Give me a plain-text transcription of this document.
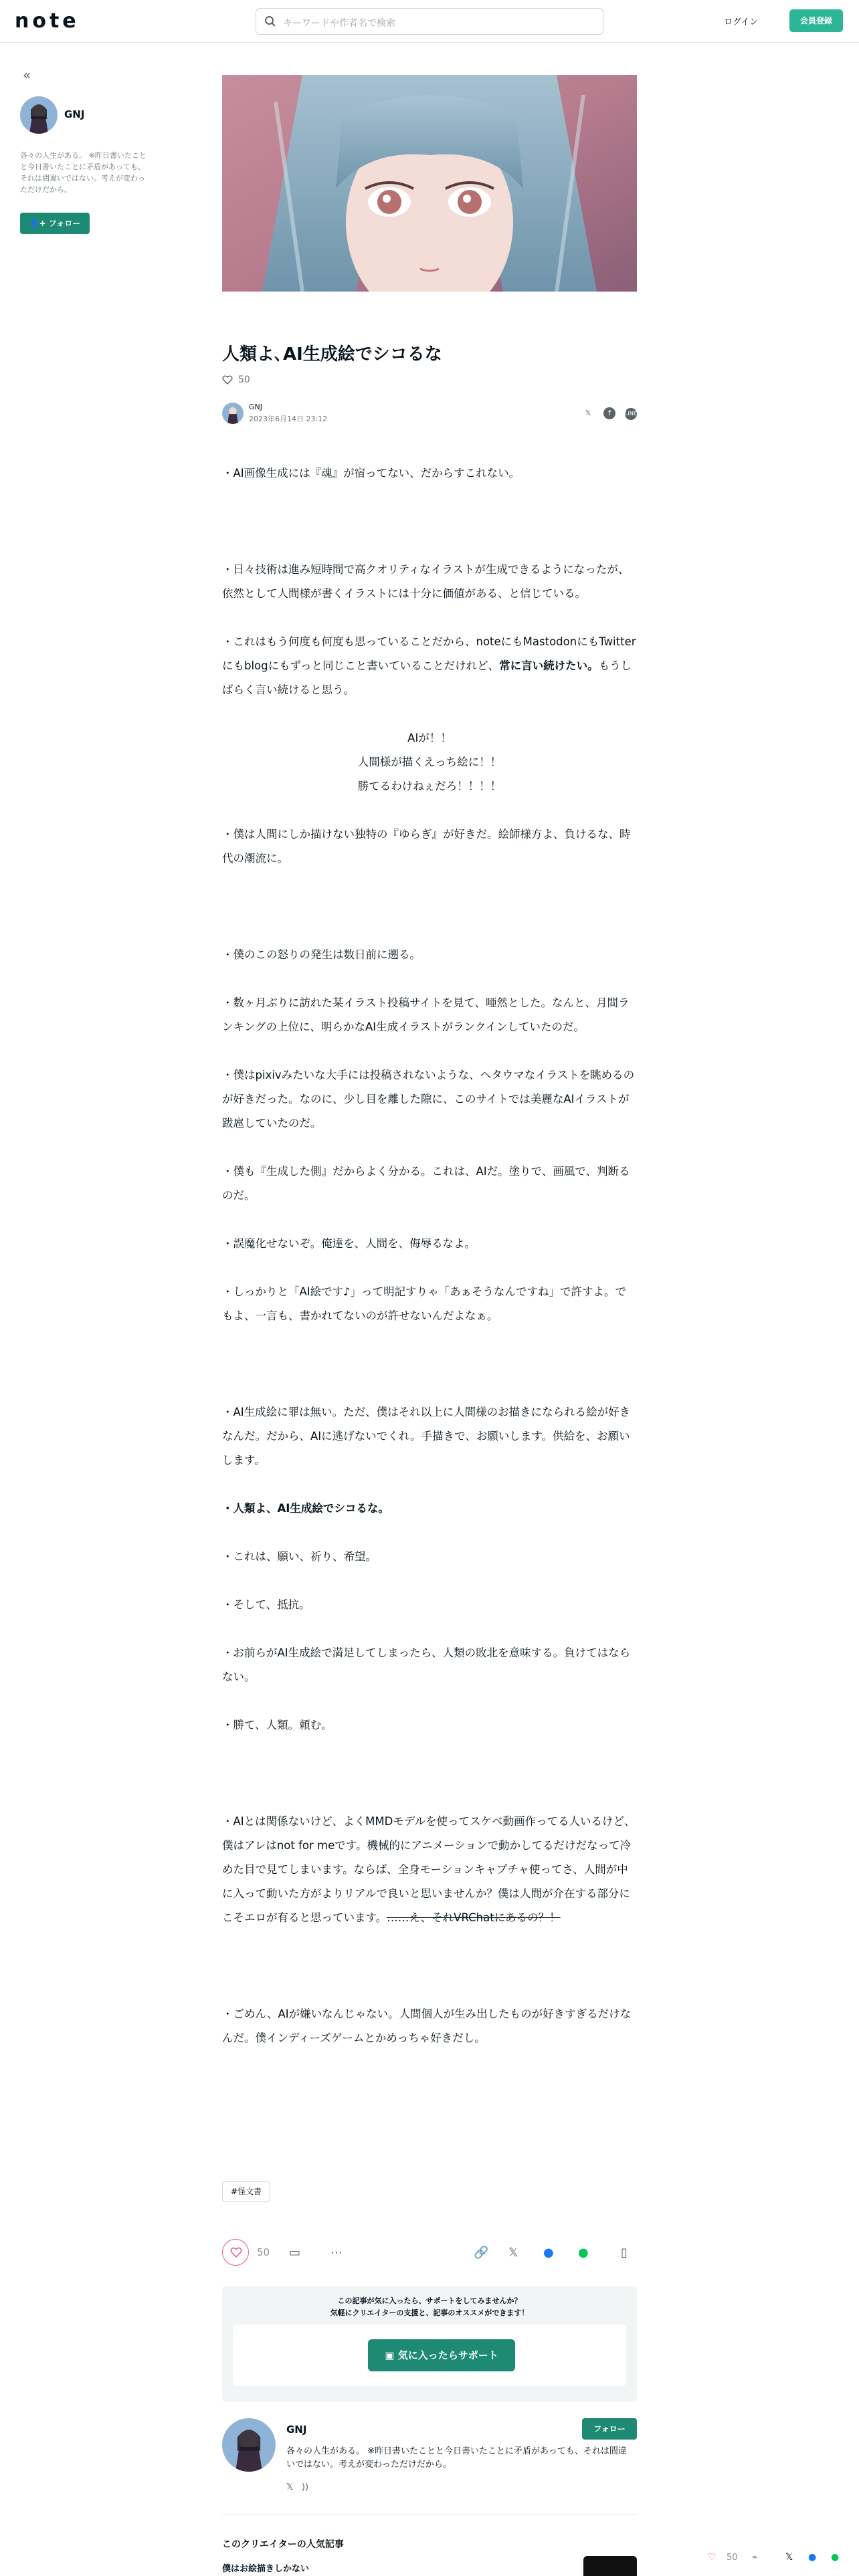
note	キーワードや作者名で検索	ログイン	会員登録
«
GNJ
各々の人生がある。 ※昨日書いたことと今日書いたことに矛盾があっても、それは間違いではない。考えが変わっただけだから。
👤+ フォロー
人類よ､AI生成絵でシコるな
50
GNJ
2023年6月14日 23:12
𝕏 f	LINE

・AI画像生成には『魂』が宿ってない、だからすこれない。

・日々技術は進み短時間で高クオリティなイラストが生成できるようになったが、依然として人間様が書くイラストには十分に価値がある、と信じている。

・これはもう何度も何度も思っていることだから、noteにもMastodonにもTwitterにもblogにもずっと同じこと書いていることだけれど、常に言い続けたい。もうしばらく言い続けると思う。

AIが！！

人間様が描くえっち絵に！！

勝てるわけねぇだろ！！！！

・僕は人間にしか描けない独特の『ゆらぎ』が好きだ。絵師様方よ、負けるな、時代の潮流に。

・僕のこの怒りの発生は数日前に遡る。

・数ヶ月ぶりに訪れた某イラスト投稿サイトを見て、唖然とした。なんと、月間ランキングの上位に、明らかなAI生成イラストがランクインしていたのだ。

・僕はpixivみたいな大手には投稿されないような、ヘタウマなイラストを眺めるのが好きだった。なのに、少し目を離した隙に、このサイトでは美麗なAIイラストが跋扈していたのだ。

・僕も『生成した側』だからよく分かる。これは、AIだ。塗りで、画風で、判断るのだ。

・誤魔化せないぞ。俺達を、人間を、侮辱るなよ。

・しっかりと「AI絵です♪」って明記すりゃ「あぁそうなんですね」で許すよ。でもよ、一言も、書かれてないのが許せないんだよなぁ。

・AI生成絵に罪は無い。ただ、僕はそれ以上に人間様のお描きになられる絵が好きなんだ。だから、AIに逃げないでくれ。手描きで、お願いします。供給を、お願いします。

・人類よ、AI生成絵でシコるな。

・これは、願い、祈り、希望。

・そして、抵抗。

・お前らがAI生成絵で満足してしまったら、人類の敗北を意味する。負けてはならない。

・勝て、人類。頼む。

・AIとは関係ないけど、よくMMDモデルを使ってスケベ動画作ってる人いるけど、僕はアレはnot for meです。機械的にアニメーションで動かしてるだけだなって冷めた目で見てしまいます。ならば、全身モーションキャプチャ使ってさ、人間が中に入って動いた方がよりリアルで良いと思いませんか？僕は人間が介在する部分にこそエロが有ると思っています。……え、それVRChatにあるの？！

・ごめん、AIが嫌いなんじゃない。人間個人が生み出したものが好きすぎるだけなんだ。僕インディーズゲームとかめっちゃ好きだし。

#怪文書
50 ▭ ⋯	🔗 𝕏 ● ●	▯
この記事が気に入ったら、サポートをしてみませんか？
気軽にクリエイターの支援と、記事のオススメができます！
▣ 気に入ったらサポート
GNJ	フォロー
各々の人生がある。 ※昨日書いたことと今日書いたことに矛盾があっても、それは間違いではない。考えが変わっただけだから。
𝕏 ))
このクリエイターの人気記事
僕はお絵描きしかない
♡ 50 ⌁	𝕏 ● ●
